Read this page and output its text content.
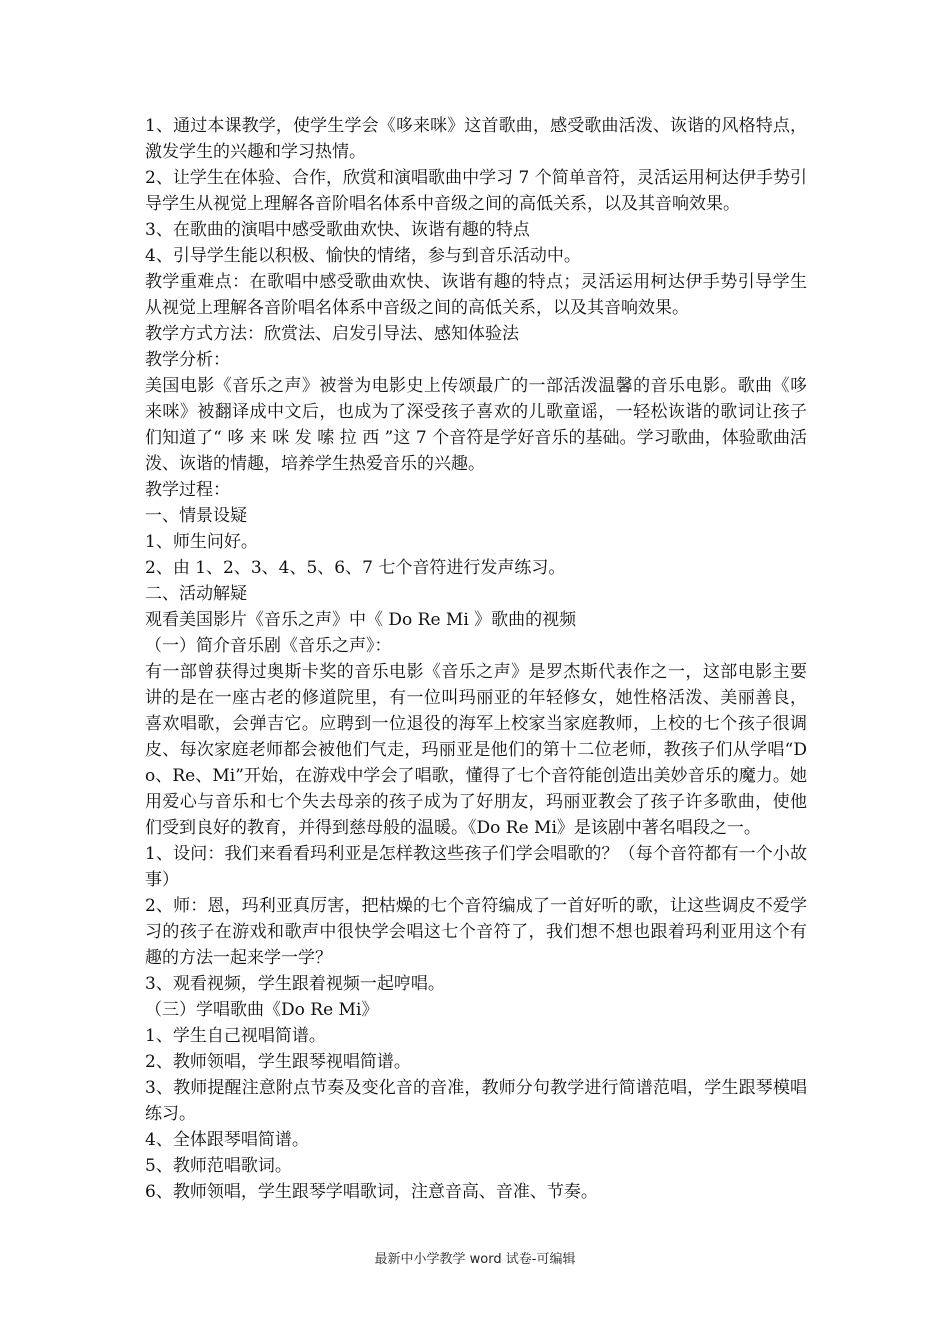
1、通过本课教学，使学生学会《哆来咪》这首歌曲，感受歌曲活泼、诙谐的风格特点，激发学生的兴趣和学习热情。

2、让学生在体验、合作，欣赏和演唱歌曲中学习 7 个简单音符，灵活运用柯达伊手势引导学生从视觉上理解各音阶唱名体系中音级之间的高低关系，以及其音响效果。

3、在歌曲的演唱中感受歌曲欢快、诙谐有趣的特点

4、引导学生能以积极、愉快的情绪，参与到音乐活动中。

教学重难点：在歌唱中感受歌曲欢快、诙谐有趣的特点；灵活运用柯达伊手势引导学生从视觉上理解各音阶唱名体系中音级之间的高低关系，以及其音响效果。

教学方式方法：欣赏法、启发引导法、感知体验法

教学分析：

美国电影《音乐之声》被誉为电影史上传颂最广的一部活泼温馨的音乐电影。歌曲《哆来咪》被翻译成中文后，也成为了深受孩子喜欢的儿歌童谣，一轻松诙谐的歌词让孩子们知道了“ 哆 来 咪 发 嗦 拉 西 ”这 7 个音符是学好音乐的基础。学习歌曲，体验歌曲活泼、诙谐的情趣，培养学生热爱音乐的兴趣。

教学过程：

一、情景设疑

1、师生问好。

2、由 1、2、3、4、5、6、7 七个音符进行发声练习。

二、活动解疑

观看美国影片《音乐之声》中《 Do Re Mi 》歌曲的视频

（一）简介音乐剧《音乐之声》：

有一部曾获得过奥斯卡奖的音乐电影《音乐之声》是罗杰斯代表作之一，这部电影主要讲的是在一座古老的修道院里，有一位叫玛丽亚的年轻修女，她性格活泼、美丽善良，喜欢唱歌，会弹吉它。应聘到一位退役的海军上校家当家庭教师，上校的七个孩子很调皮、每次家庭老师都会被他们气走，玛丽亚是他们的第十二位老师，教孩子们从学唱“Do、Re、Mi”开始，在游戏中学会了唱歌，懂得了七个音符能创造出美妙音乐的魔力。她用爱心与音乐和七个失去母亲的孩子成为了好朋友，玛丽亚教会了孩子许多歌曲，使他们受到良好的教育，并得到慈母般的温暖。《Do Re Mi》是该剧中著名唱段之一。

1、设问：我们来看看玛利亚是怎样教这些孩子们学会唱歌的？（每个音符都有一个小故事）

2、师：恩，玛利亚真厉害，把枯燥的七个音符编成了一首好听的歌，让这些调皮不爱学习的孩子在游戏和歌声中很快学会唱这七个音符了，我们想不想也跟着玛利亚用这个有趣的方法一起来学一学？

3、观看视频，学生跟着视频一起哼唱。

（三）学唱歌曲《Do Re Mi》

1、学生自己视唱简谱。

2、教师领唱，学生跟琴视唱简谱。

3、教师提醒注意附点节奏及变化音的音准，教师分句教学进行简谱范唱，学生跟琴模唱练习。

4、全体跟琴唱简谱。

5、教师范唱歌词。

6、教师领唱，学生跟琴学唱歌词，注意音高、音准、节奏。

最新中小学教学 word 试卷-可编辑
